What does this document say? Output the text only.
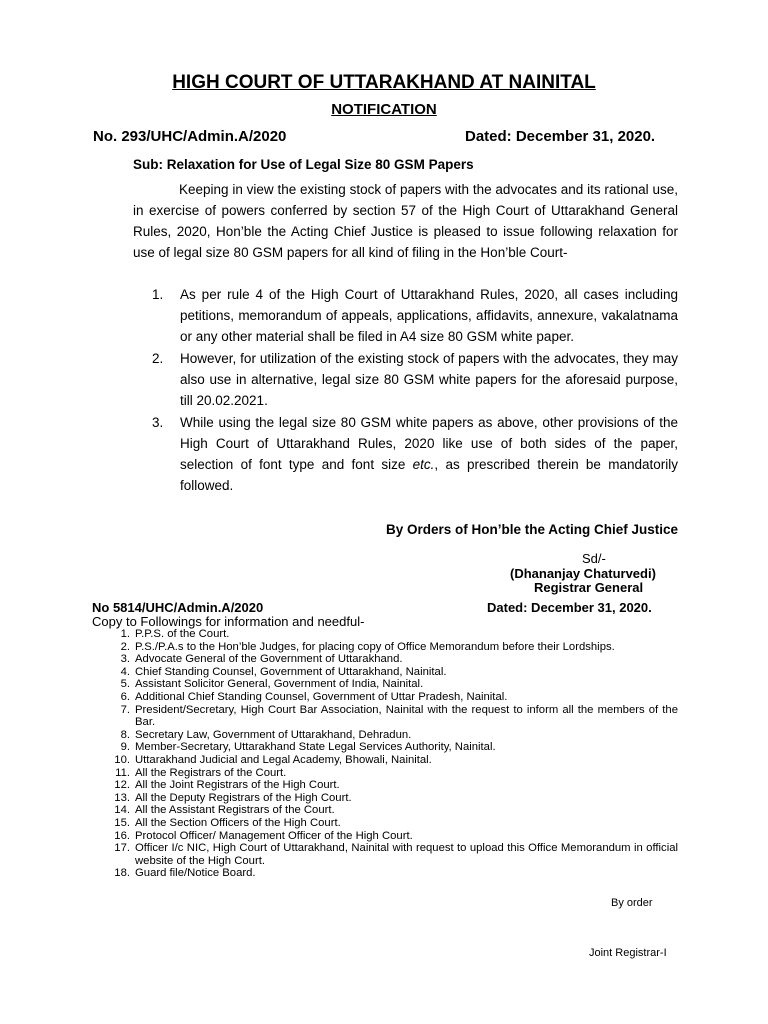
HIGH COURT OF UTTARAKHAND AT NAINITAL
NOTIFICATION
No. 293/UHC/Admin.A/2020	Dated: December 31, 2020.
Sub: Relaxation for Use of Legal Size 80 GSM Papers
Keeping in view the existing stock of papers with the advocates and its rational use, in exercise of powers conferred by section 57 of the High Court of Uttarakhand General Rules, 2020, Hon’ble the Acting Chief Justice is pleased to issue following relaxation for use of legal size 80 GSM papers for all kind of filing in the Hon’ble Court-
1.	As per rule 4 of the High Court of Uttarakhand Rules, 2020, all cases including petitions, memorandum of appeals, applications, affidavits, annexure, vakalatnama or any other material shall be filed in A4 size 80 GSM white paper.
2.	However, for utilization of the existing stock of papers with the advocates, they may also use in alternative, legal size 80 GSM white papers for the aforesaid purpose, till 20.02.2021.
3.	While using the legal size 80 GSM white papers as above, other provisions of the High Court of Uttarakhand Rules, 2020 like use of both sides of the paper, selection of font type and font size etc., as prescribed therein be mandatorily followed.
By Orders of Hon’ble the Acting Chief Justice
Sd/-
(Dhananjay Chaturvedi)
Registrar General
No 5814/UHC/Admin.A/2020	Dated: December 31, 2020.
Copy to Followings for information and needful-
1. P.P.S. of the Court.
2. P.S./P.A.s to the Hon’ble Judges, for placing copy of Office Memorandum before their Lordships.
3. Advocate General of the Government of Uttarakhand.
4. Chief Standing Counsel, Government of Uttarakhand, Nainital.
5. Assistant Solicitor General, Government of India, Nainital.
6. Additional Chief Standing Counsel, Government of Uttar Pradesh, Nainital.
7. President/Secretary, High Court Bar Association, Nainital with the request to inform all the members of the Bar.
8. Secretary Law, Government of Uttarakhand, Dehradun.
9. Member-Secretary, Uttarakhand State Legal Services Authority, Nainital.
10. Uttarakhand Judicial and Legal Academy, Bhowali, Nainital.
11. All the Registrars of the Court.
12. All the Joint Registrars of the High Court.
13. All the Deputy Registrars of the High Court.
14. All the Assistant Registrars of the Court.
15. All the Section Officers of the High Court.
16. Protocol Officer/ Management Officer of the High Court.
17. Officer I/c NIC, High Court of Uttarakhand, Nainital with request to upload this Office Memorandum in official website of the High Court.
18. Guard file/Notice Board.
By order
Joint Registrar-I
